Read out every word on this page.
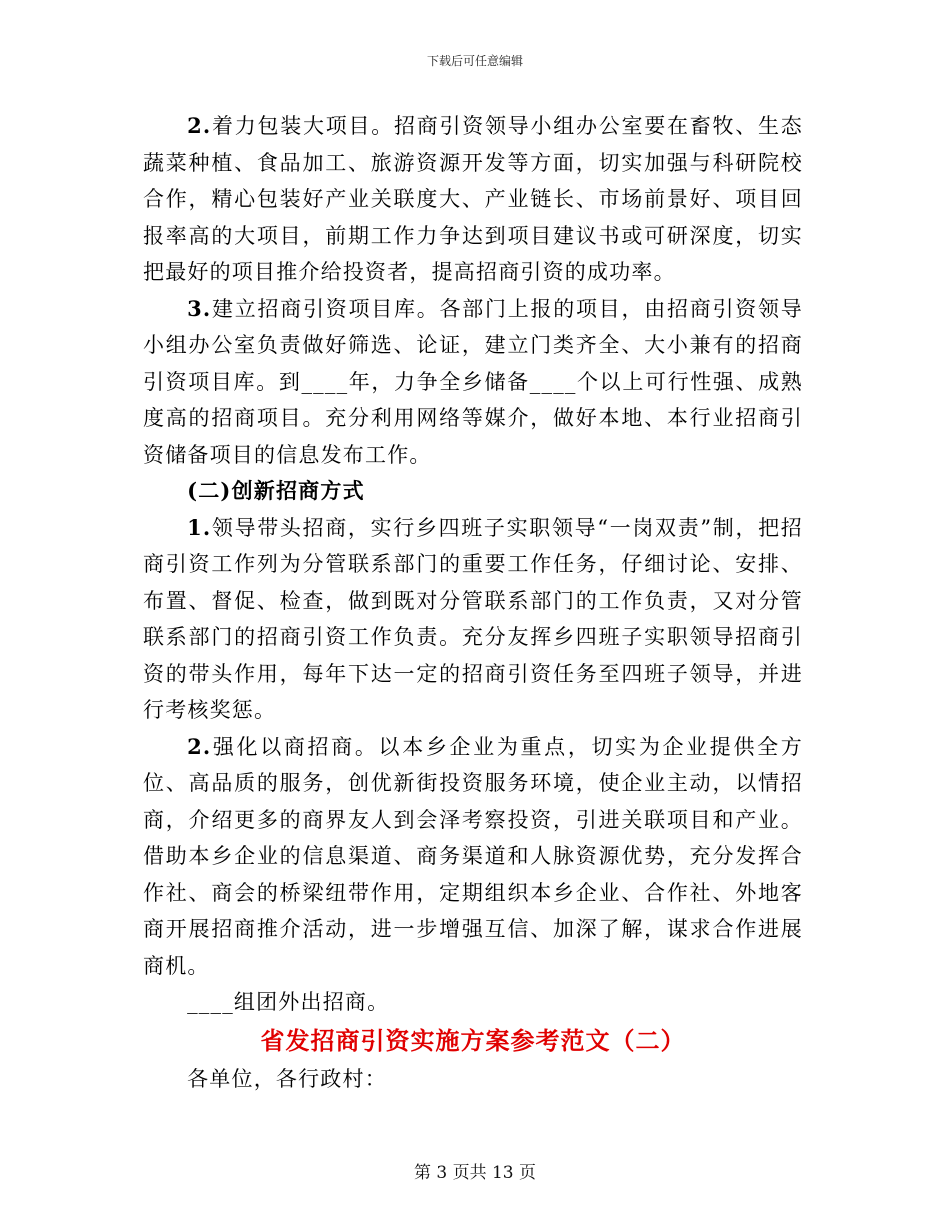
下载后可任意编辑

2.着力包装大项目。招商引资领导小组办公室要在畜牧、生态蔬菜种植、食品加工、旅游资源开发等方面，切实加强与科研院校合作，精心包装好产业关联度大、产业链长、市场前景好、项目回报率高的大项目，前期工作力争达到项目建议书或可研深度，切实把最好的项目推介给投资者，提高招商引资的成功率。

3.建立招商引资项目库。各部门上报的项目，由招商引资领导小组办公室负责做好筛选、论证，建立门类齐全、大小兼有的招商引资项目库。到____年，力争全乡储备____个以上可行性强、成熟度高的招商项目。充分利用网络等媒介，做好本地、本行业招商引资储备项目的信息发布工作。

(二)创新招商方式

1.领导带头招商，实行乡四班子实职领导“一岗双责”制，把招商引资工作列为分管联系部门的重要工作任务，仔细讨论、安排、布置、督促、检查，做到既对分管联系部门的工作负责，又对分管联系部门的招商引资工作负责。充分友挥乡四班子实职领导招商引资的带头作用，每年下达一定的招商引资任务至四班子领导，并进行考核奖惩。

2.强化以商招商。以本乡企业为重点，切实为企业提供全方位、高品质的服务，创优新街投资服务环境，使企业主动，以情招商，介绍更多的商界友人到会泽考察投资，引进关联项目和产业。借助本乡企业的信息渠道、商务渠道和人脉资源优势，充分发挥合作社、商会的桥梁纽带作用，定期组织本乡企业、合作社、外地客商开展招商推介活动，进一步增强互信、加深了解，谋求合作进展商机。

____组团外出招商。

省发招商引资实施方案参考范文（二）

各单位，各行政村：

第 3 页共 13 页
